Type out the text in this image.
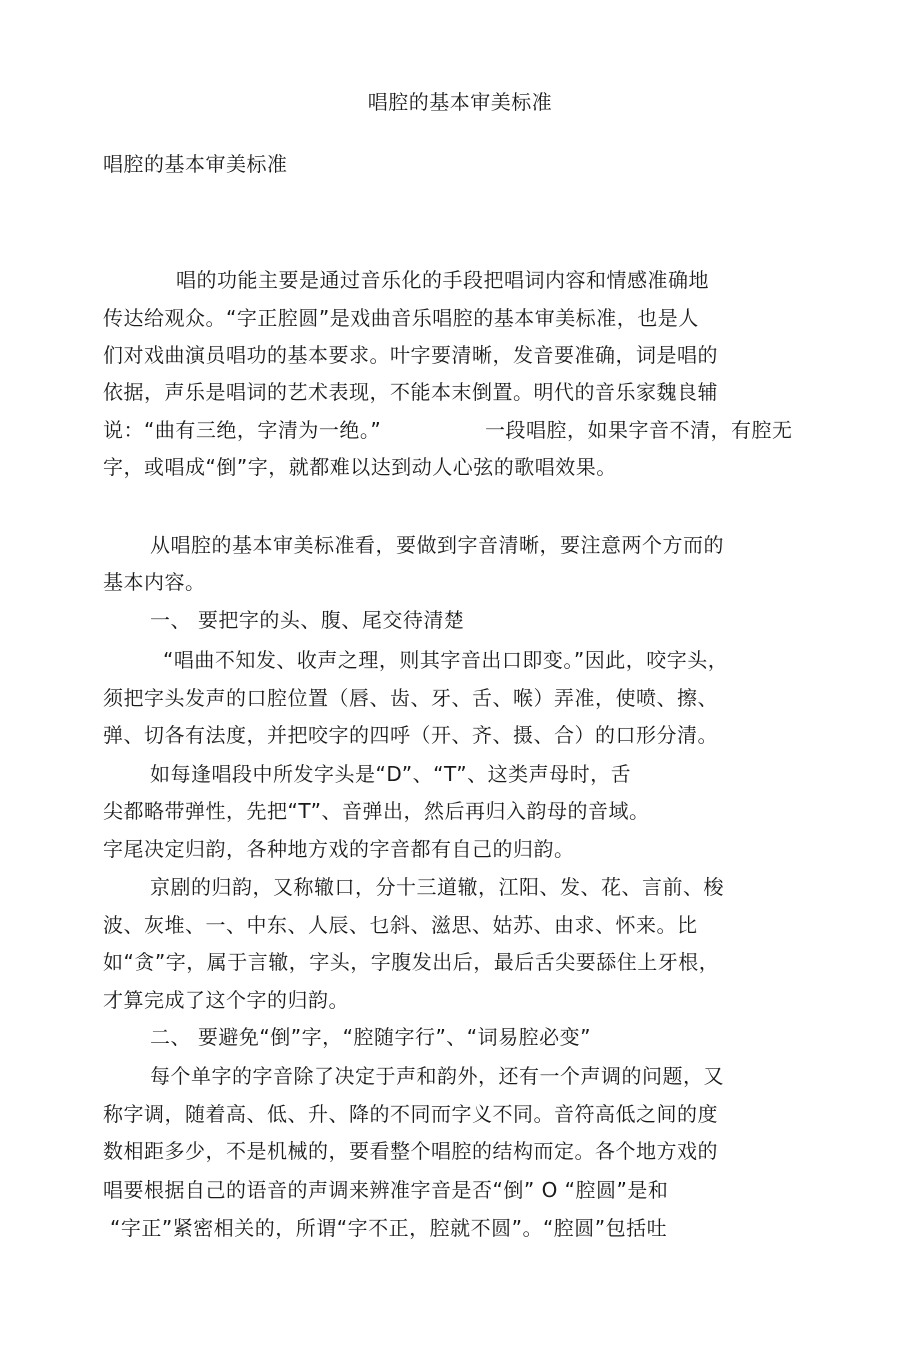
唱腔的基本审美标准
唱腔的基本审美标准
唱的功能主要是通过音乐化的手段把唱词内容和情感准确地
传达给观众。“字正腔圆”是戏曲音乐唱腔的基本审美标准，也是人
们对戏曲演员唱功的基本要求。叶字要清晰，发音要准确，词是唱的
依据，声乐是唱词的艺术表现，不能本末倒置。明代的音乐家魏良辅
说：“曲有三绝，字清为一绝。”	一段唱腔，如果字音不清，有腔无
字，或唱成“倒”字，就都难以达到动人心弦的歌唱效果。
从唱腔的基本审美标准看，要做到字音清晰，要注意两个方而的
基本内容。
一、 要把字的头、腹、尾交待清楚
“唱曲不知发、收声之理，则其字音出口即变。”因此，咬字头，
须把字头发声的口腔位置（唇、齿、牙、舌、喉）弄准，使喷、擦、
弹、切各有法度，并把咬字的四呼（开、齐、摄、合）的口形分清。
如每逢唱段中所发字头是“D”、“T”、这类声母时，舌
尖都略带弹性，先把“T”、音弹出，然后再归入韵母的音域。
字尾决定归韵，各种地方戏的字音都有自己的归韵。
京剧的归韵，又称辙口，分十三道辙，江阳、发、花、言前、梭
波、灰堆、一、中东、人辰、乜斜、滋思、姑苏、由求、怀来。比
如“贪”字，属于言辙，字头，字腹发出后，最后舌尖要舔住上牙根，
才算完成了这个字的归韵。
二、 要避免“倒”字，“腔随字行”、“词易腔必变”
每个单字的字音除了决定于声和韵外，还有一个声调的问题，又
称字调，随着高、低、升、降的不同而字义不同。音符高低之间的度
数相距多少，不是机械的，要看整个唱腔的结构而定。各个地方戏的
唱要根据自己的语音的声调来辨准字音是否“倒” O “腔圆”是和
“字正”紧密相关的，所谓“字不正，腔就不圆”。“腔圆”包括吐
